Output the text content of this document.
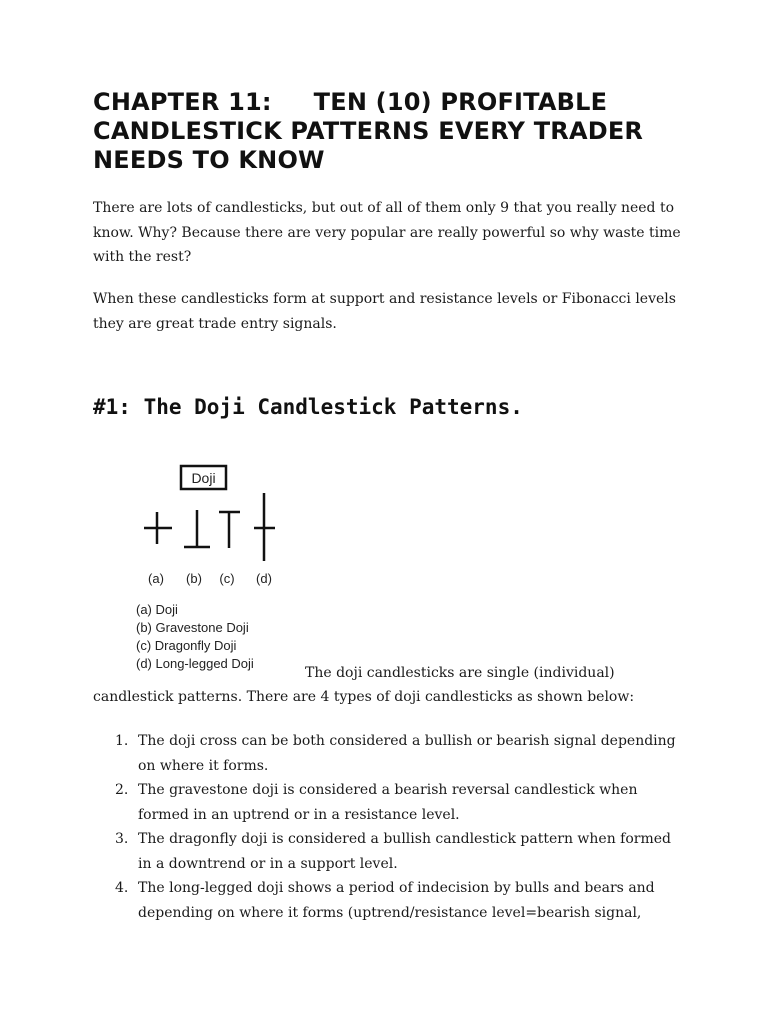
CHAPTER 11: TEN (10) PROFITABLE
CANDLESTICK PATTERNS EVERY TRADER
NEEDS TO KNOW

There are lots of candlesticks, but out of all of them only 9 that you really need to know. Why? Because there are very popular are really powerful so why waste time with the rest?

When these candlesticks form at support and resistance levels or Fibonacci levels they are great trade entry signals.

#1: The Doji Candlestick Patterns.
Doji
(a) (b) (c) (d)
(a) Doji
(b) Gravestone Doji
(c) Dragonfly Doji
(d) Long-legged Doji

The doji candlesticks are single (individual)

candlestick patterns. There are 4 types of doji candlesticks as shown below:

1. The doji cross can be both considered a bullish or bearish signal depending on where it forms.
2. The gravestone doji is considered a bearish reversal candlestick when formed in an uptrend or in a resistance level.
3. The dragonfly doji is considered a bullish candlestick pattern when formed in a downtrend or in a support level.
4. The long-legged doji shows a period of indecision by bulls and bears and depending on where it forms (uptrend/resistance level=bearish signal,
